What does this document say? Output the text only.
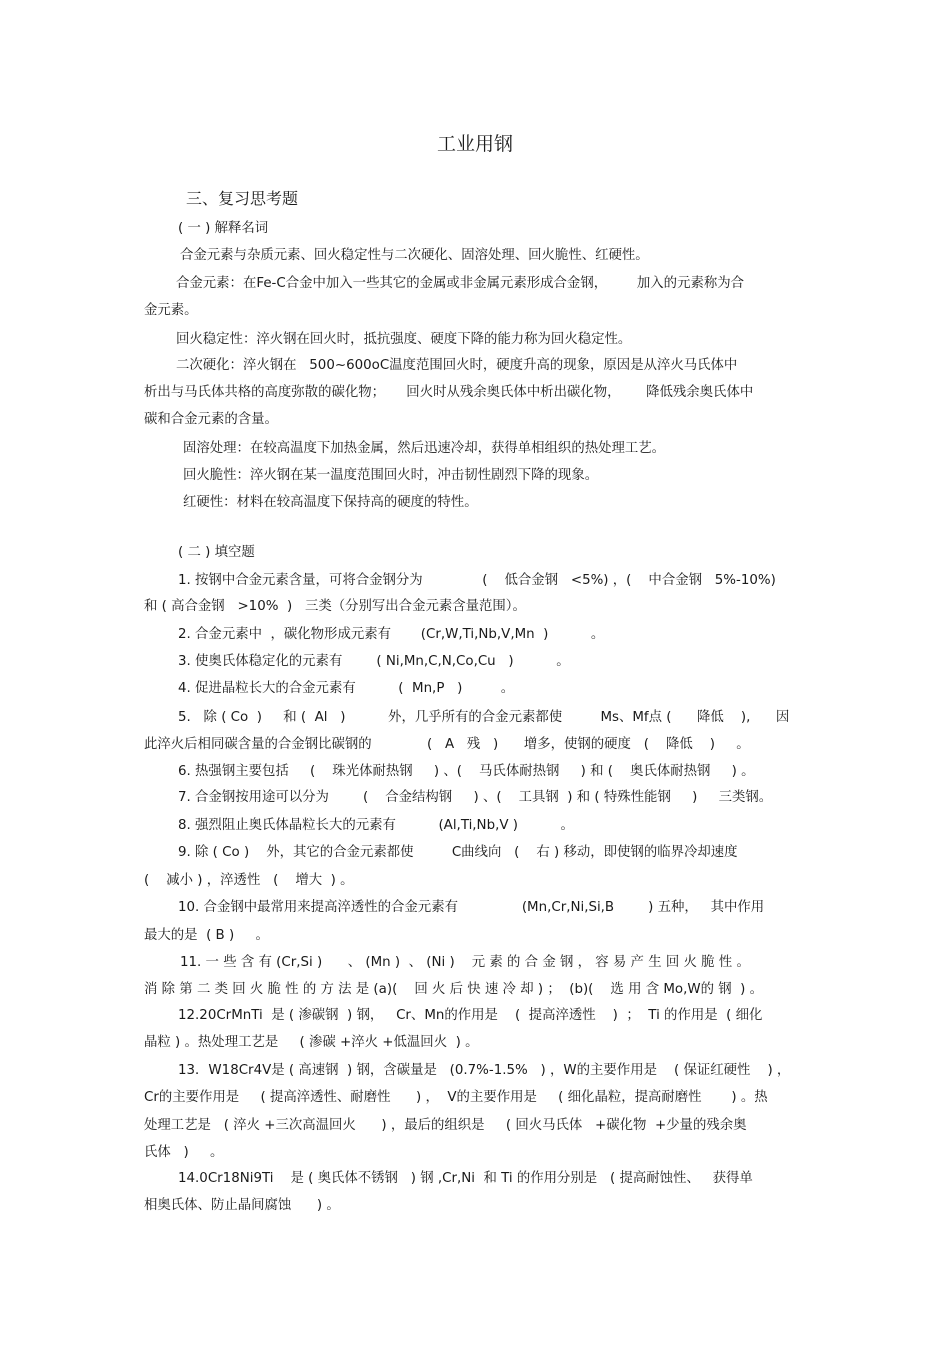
工业用钢
三、复习思考题
( 一 ) 解释名词
合金元素与杂质元素、回火稳定性与二次硬化、固溶处理、回火脆性、红硬性。
合金元素：在Fe-C合金中加入一些其它的金属或非金属元素形成合金钢，       加入的元素称为合
金元素。
回火稳定性：淬火钢在回火时，抵抗强度、硬度下降的能力称为回火稳定性。
二次硬化：淬火钢在   500~600oC温度范围回火时，硬度升高的现象，原因是从淬火马氏体中
析出与马氏体共格的高度弥散的碳化物；     回火时从残余奥氏体中析出碳化物，      降低残余奥氏体中
碳和合金元素的含量。
固溶处理：在较高温度下加热金属，然后迅速冷却，获得单相组织的热处理工艺。
回火脆性：淬火钢在某一温度范围回火时，冲击韧性剧烈下降的现象。
红硬性：材料在较高温度下保持高的硬度的特性。
( 二 ) 填空题
1. 按钢中合金元素含量，可将合金钢分为              (    低合金钢   <5%) ，(    中合金钢   5%-10%)
和 ( 高合金钢   >10%  )   三类（分别写出合金元素含量范围）。
2. 合金元素中  ，碳化物形成元素有       (Cr,W,Ti,Nb,V,Mn  )          。
3. 使奥氏体稳定化的元素有        ( Ni,Mn,C,N,Co,Cu   )          。
4. 促进晶粒长大的合金元素有          (  Mn,P   )         。
5.   除 ( Co  )     和 (  Al   )          外，几乎所有的合金元素都使         Ms、Mf点 (      降低    ),      因
此淬火后相同碳含量的合金钢比碳钢的             (   A   残   )      增多，使钢的硬度   (    降低    )     。
6. 热强钢主要包括     (    珠光体耐热钢     ) 、(    马氏体耐热钢     ) 和 (    奥氏体耐热钢     ) 。
7. 合金钢按用途可以分为        (    合金结构钢     ) 、(    工具钢  ) 和 ( 特殊性能钢     )     三类钢。
8. 强烈阻止奥氏体晶粒长大的元素有          (Al,Ti,Nb,V )          。
9. 除 ( Co )    外，其它的合金元素都使         C曲线向   (    右 ) 移动，即使钢的临界冷却速度
(    减小 ) ，淬透性   (    增大  ) 。
10. 合金钢中最常用来提高淬透性的合金元素有               (Mn,Cr,Ni,Si,B        ) 五种，   其中作用
最大的是  ( B )     。
11. 一 些 含 有 (Cr,Si )      、 (Mn )  、 (Ni )    元 素 的 合 金 钢 ， 容 易 产 生 回 火 脆 性 。
消 除 第 二 类 回 火 脆 性 的 方 法 是 (a)(    回 火 后 快 速 冷 却 ) ；  (b)(    选 用 含 Mo,W的 钢  ) 。
12.20CrMnTi  是 ( 渗碳钢  ) 钢，   Cr、Mn的作用是    (  提高淬透性    )  ；  Ti 的作用是  ( 细化
晶粒 ) 。热处理工艺是     ( 渗碳 +淬火 +低温回火  ) 。
13．W18Cr4V是 ( 高速钢  ) 钢，含碳量是   (0.7%-1.5%   ) ，W的主要作用是    ( 保证红硬性    ) ，
Cr的主要作用是     ( 提高淬透性、耐磨性      ) ，  V的主要作用是     ( 细化晶粒，提高耐磨性       ) 。热
处理工艺是   ( 淬火 +三次高温回火      ) ，最后的组织是     ( 回火马氏体   +碳化物  +少量的残余奥
氏体   )     。
14.0Cr18Ni9Ti    是 ( 奥氏体不锈钢   ) 钢 ,Cr,Ni  和 Ti 的作用分别是   ( 提高耐蚀性、   获得单
相奥氏体、防止晶间腐蚀      ) 。
